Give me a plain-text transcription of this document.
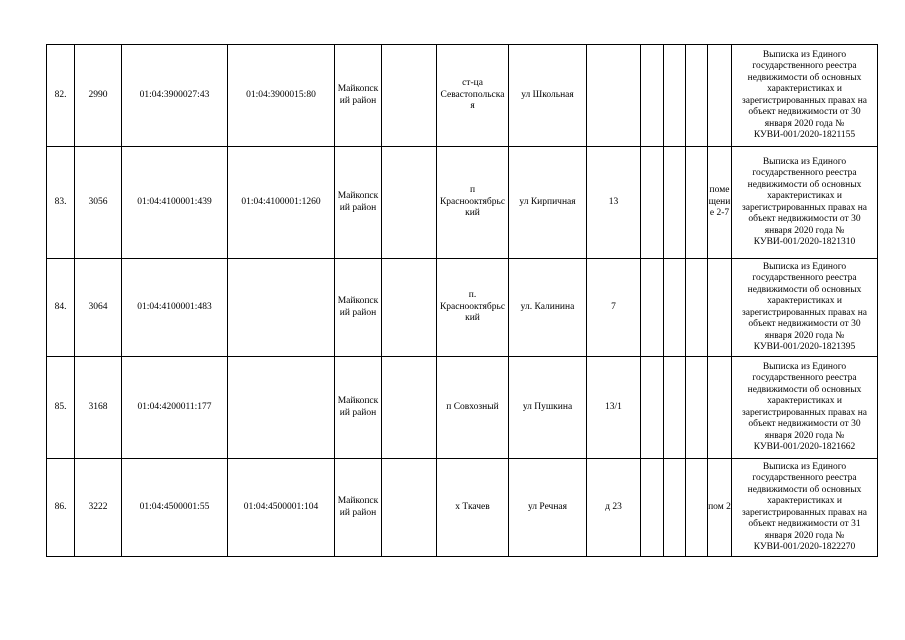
82.	2990	01:04:3900027:43	01:04:3900015:80	Майкопский район		ст-ца Севастопольская	ул Школьная						Выписка из Единого государственного реестра недвижимости об основных характеристиках и зарегистрированных правах на объект недвижимости от 30 января 2020 года № КУВИ-001/2020-1821155
83.	3056	01:04:4100001:439	01:04:4100001:1260	Майкопский район		п Краснооктябрьский	ул Кирпичная	13				помещение 2-7	Выписка из Единого государственного реестра недвижимости об основных характеристиках и зарегистрированных правах на объект недвижимости от 30 января 2020 года № КУВИ-001/2020-1821310
84.	3064	01:04:4100001:483		Майкопский район		п. Краснооктябрьский	ул. Калинина	7					Выписка из Единого государственного реестра недвижимости об основных характеристиках и зарегистрированных правах на объект недвижимости от 30 января 2020 года № КУВИ-001/2020-1821395
85.	3168	01:04:4200011:177		Майкопский район		п Совхозный	ул Пушкина	13/1					Выписка из Единого государственного реестра недвижимости об основных характеристиках и зарегистрированных правах на объект недвижимости от 30 января 2020 года № КУВИ-001/2020-1821662
86.	3222	01:04:4500001:55	01:04:4500001:104	Майкопский район		х Ткачев	ул Речная	д 23				пом 2	Выписка из Единого государственного реестра недвижимости об основных характеристиках и зарегистрированных правах на объект недвижимости от 31 января 2020 года № КУВИ-001/2020-1822270
